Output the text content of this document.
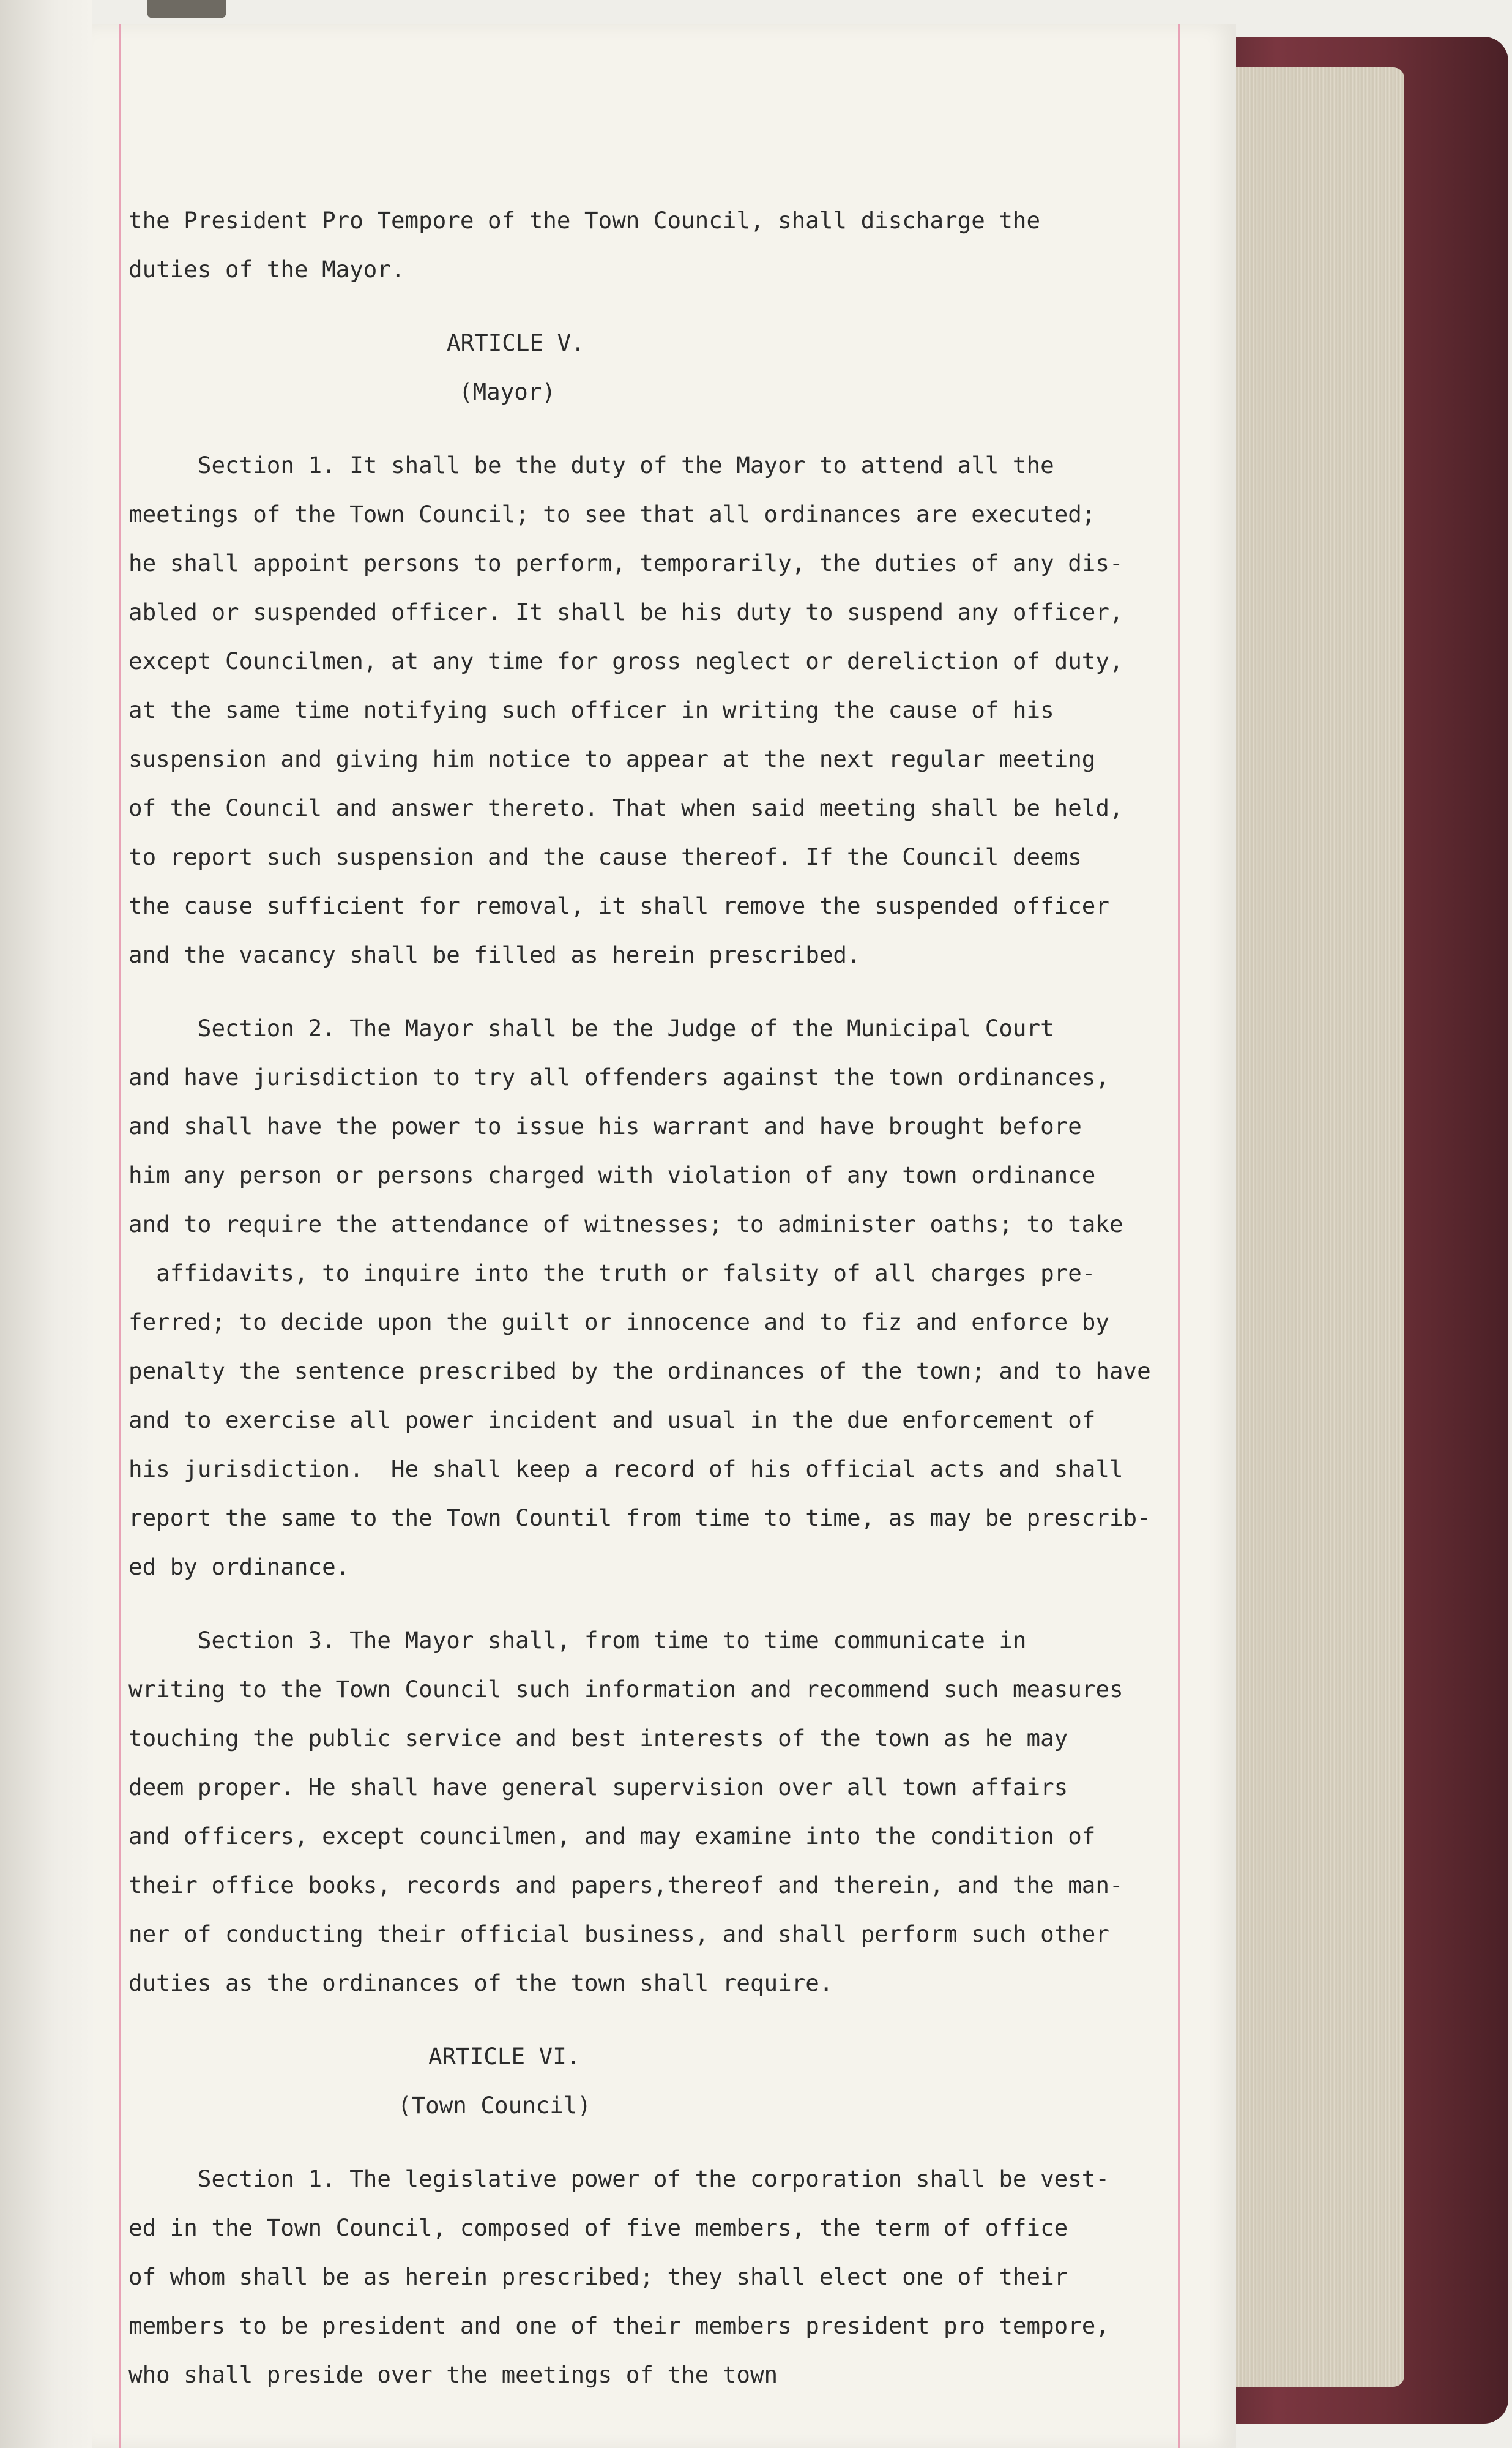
the President Pro Tempore of the Town Council, shall discharge the
duties of the Mayor.
ARTICLE V.
(Mayor)
Section 1. It shall be the duty of the Mayor to attend all the
meetings of the Town Council; to see that all ordinances are executed;
he shall appoint persons to perform, temporarily, the duties of any dis-
abled or suspended officer. It shall be his duty to suspend any officer,
except Councilmen, at any time for gross neglect or dereliction of duty,
at the same time notifying such officer in writing the cause of his
suspension and giving him notice to appear at the next regular meeting
of the Council and answer thereto. That when said meeting shall be held,
to report such suspension and the cause thereof. If the Council deems
the cause sufficient for removal, it shall remove the suspended officer
and the vacancy shall be filled as herein prescribed.
Section 2. The Mayor shall be the Judge of the Municipal Court
and have jurisdiction to try all offenders against the town ordinances,
and shall have the power to issue his warrant and have brought before
him any person or persons charged with violation of any town ordinance
and to require the attendance of witnesses; to administer oaths; to take
affidavits, to inquire into the truth or falsity of all charges pre-
ferred; to decide upon the guilt or innocence and to fiz and enforce by
penalty the sentence prescribed by the ordinances of the town; and to have
and to exercise all power incident and usual in the due enforcement of
his jurisdiction.  He shall keep a record of his official acts and shall
report the same to the Town Countil from time to time, as may be prescrib-
ed by ordinance.
Section 3. The Mayor shall, from time to time communicate in
writing to the Town Council such information and recommend such measures
touching the public service and best interests of the town as he may
deem proper. He shall have general supervision over all town affairs
and officers, except councilmen, and may examine into the condition of
their office books, records and papers,thereof and therein, and the man-
ner of conducting their official business, and shall perform such other
duties as the ordinances of the town shall require.
ARTICLE VI.
(Town Council)
Section 1. The legislative power of the corporation shall be vest-
ed in the Town Council, composed of five members, the term of office
of whom shall be as herein prescribed; they shall elect one of their
members to be president and one of their members president pro tempore,
who shall preside over the meetings of the town
